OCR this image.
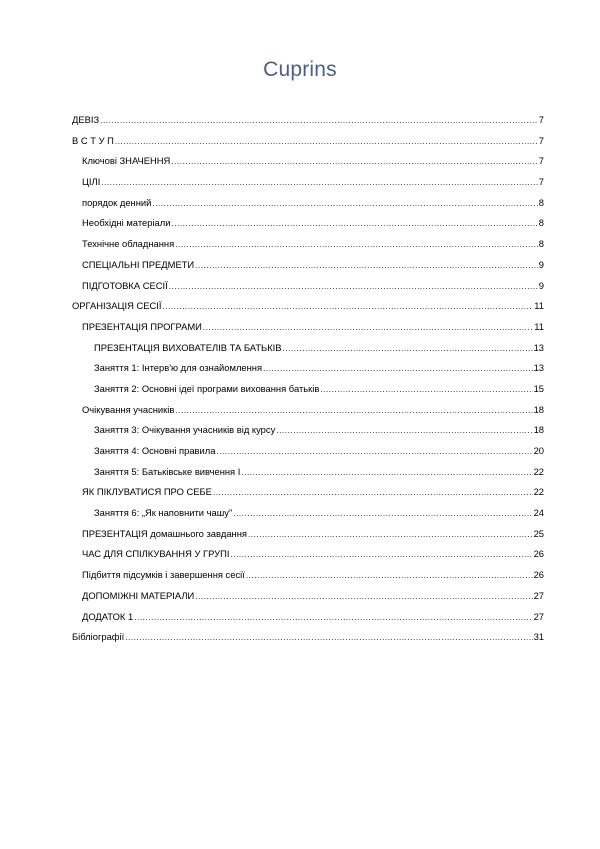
Cuprins
ДЕВІЗ .....	7
В С Т У П .....	7
Ключові ЗНАЧЕННЯ .....	7
ЦІЛІ .....	7
порядок денний .....	8
Необхідні матеріали .....	8
Технічне обладнання .....	8
СПЕЦІАЛЬНІ ПРЕДМЕТИ .....	9
ПІДГОТОВКА СЕСІЇ .....	9
ОРГАНІЗАЦІЯ СЕСІЇ .....	11
ПРЕЗЕНТАЦІЯ ПРОГРАМИ .....	11
ПРЕЗЕНТАЦІЯ ВИХОВАТЕЛІВ ТА БАТЬКІВ .....	13
Заняття 1: Інтерв'ю для ознайомлення .....	13
Заняття 2: Основні ідеї програми виховання батьків .....	15
Очікування учасників .....	18
Заняття 3: Очікування учасників від курсу .....	18
Заняття 4: Основні правила .....	20
Заняття 5: Батьківське вивчення I .....	22
ЯК ПІКЛУВАТИСЯ ПРО СЕБЕ .....	22
Заняття 6: „Як наповнити чашу" .....	24
ПРЕЗЕНТАЦІЯ домашнього завдання .....	25
ЧАС ДЛЯ СПІЛКУВАННЯ У ГРУПІ .....	26
Підбиття підсумків і завершення сесії .....	26
ДОПОМІЖНІ МАТЕРІАЛИ .....	27
ДОДАТОК 1 .....	27
Бібліографії .....	31
